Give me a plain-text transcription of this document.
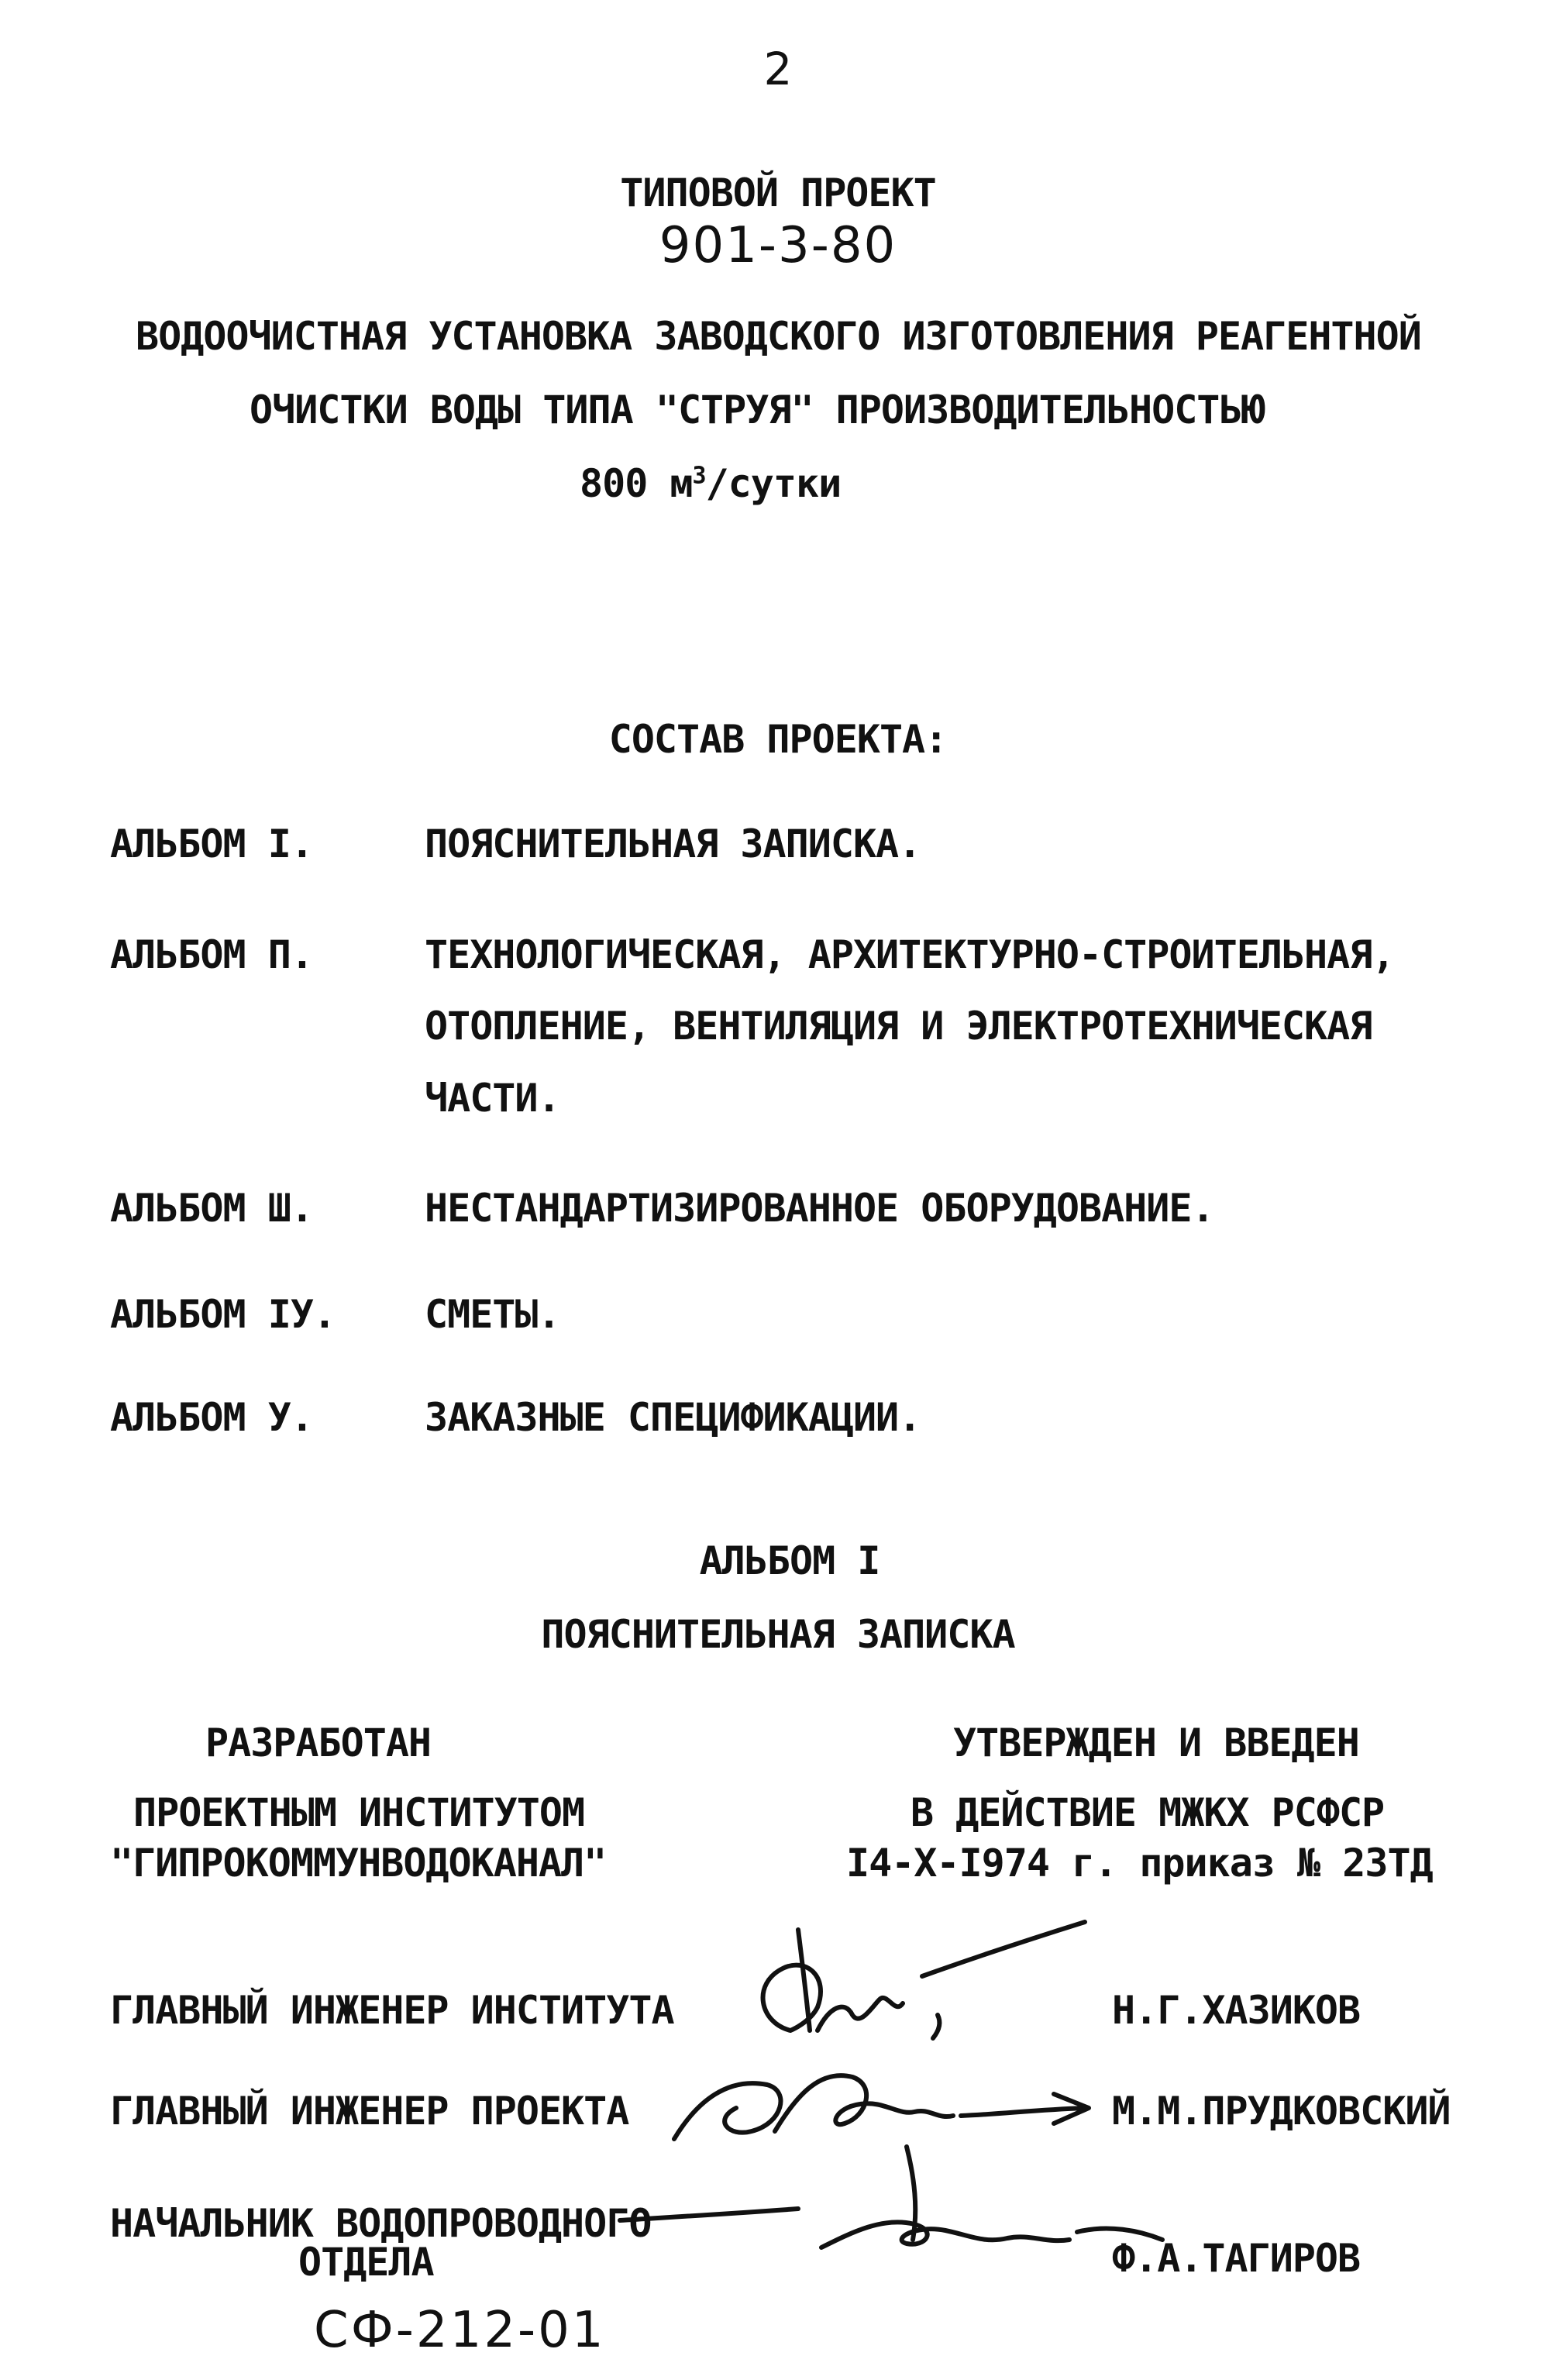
2
ТИПОВОЙ ПРОЕКТ
901-3-80
ВОДООЧИСТНАЯ УСТАНОВКА ЗАВОДСКОГО ИЗГОТОВЛЕНИЯ РЕАГЕНТНОЙ
ОЧИСТКИ ВОДЫ ТИПА "СТРУЯ" ПРОИЗВОДИТЕЛЬНОСТЬЮ
800 $м^3$/сутки
СОСТАВ ПРОЕКТА:
АЛЬБОМ I.	ПОЯСНИТЕЛЬНАЯ ЗАПИСКА.
АЛЬБОМ П.	ТЕХНОЛОГИЧЕСКАЯ, АРХИТЕКТУРНО-СТРОИТЕЛЬНАЯ,
ОТОПЛЕНИЕ, ВЕНТИЛЯЦИЯ И ЭЛЕКТРОТЕХНИЧЕСКАЯ
ЧАСТИ.
АЛЬБОМ Ш.	НЕСТАНДАРТИЗИРОВАННОЕ ОБОРУДОВАНИЕ.
АЛЬБОМ IУ. СМЕТЫ.
АЛЬБОМ У.	ЗАКАЗНЫЕ СПЕЦИФИКАЦИИ.
АЛЬБОМ I
ПОЯСНИТЕЛЬНАЯ ЗАПИСКА
РАЗРАБОТАН
ПРОЕКТНЫМ ИНСТИТУТОМ
"ГИПРОКОММУНВОДОКАНАЛ"
УТВЕРЖДЕН И ВВЕДЕН
В ДЕЙСТВИЕ МЖКХ РСФСР
I4-Х-I974 г. приказ № 23ТД
ГЛАВНЫЙ ИНЖЕНЕР ИНСТИТУТА	Н.Г.ХАЗИКОВ
ГЛАВНЫЙ ИНЖЕНЕР ПРОЕКТА	М.М.ПРУДКОВСКИЙ
НАЧАЛЬНИК ВОДОПРОВОДНОГО
ОТДЕЛА	Ф.А.ТАГИРОВ
СФ-212-01
